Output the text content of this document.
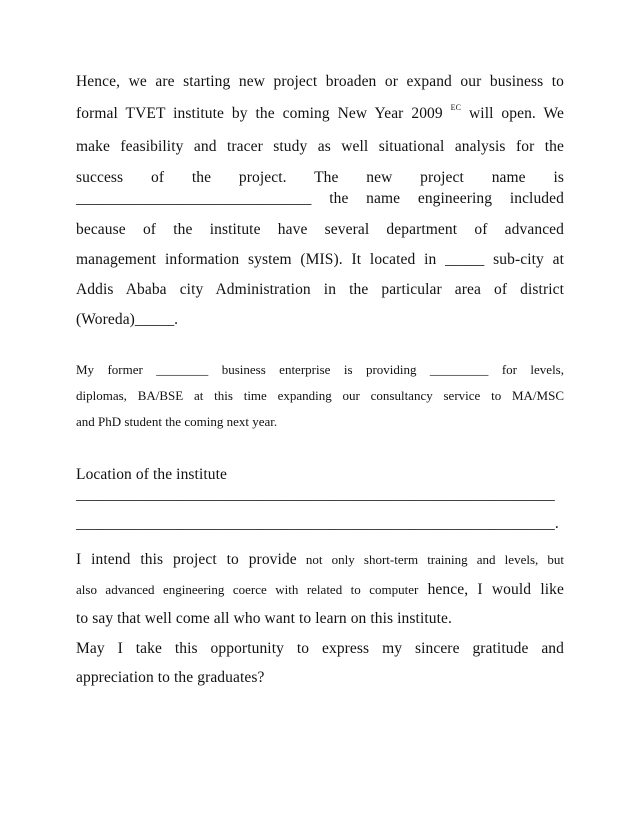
Hence, we are starting new project broaden or expand our business to
formal TVET institute by the coming New Year 2009 $^{EC}$ will open. We
make feasibility and tracer study as well situational analysis for the
success of the project. The new project name is
______________________________ the name engineering included
because of the institute have several department of advanced
management information system (MIS). It located in _____ sub-city at
Addis Ababa city Administration in the particular area of district
(Woreda)_____.
My former ________ business enterprise is providing _________ for levels,
diplomas, BA/BSE at this time expanding our consultancy service to MA/MSC
and PhD student the coming next year.
Location of the institute
_____________________________________________________________
_____________________________________________________________.
I intend this project to provide not only short-term training and levels, but
also advanced engineering coerce with related to computer hence, I would like
to say that well come all who want to learn on this institute.
May I take this opportunity to express my sincere gratitude and
appreciation to the graduates?
